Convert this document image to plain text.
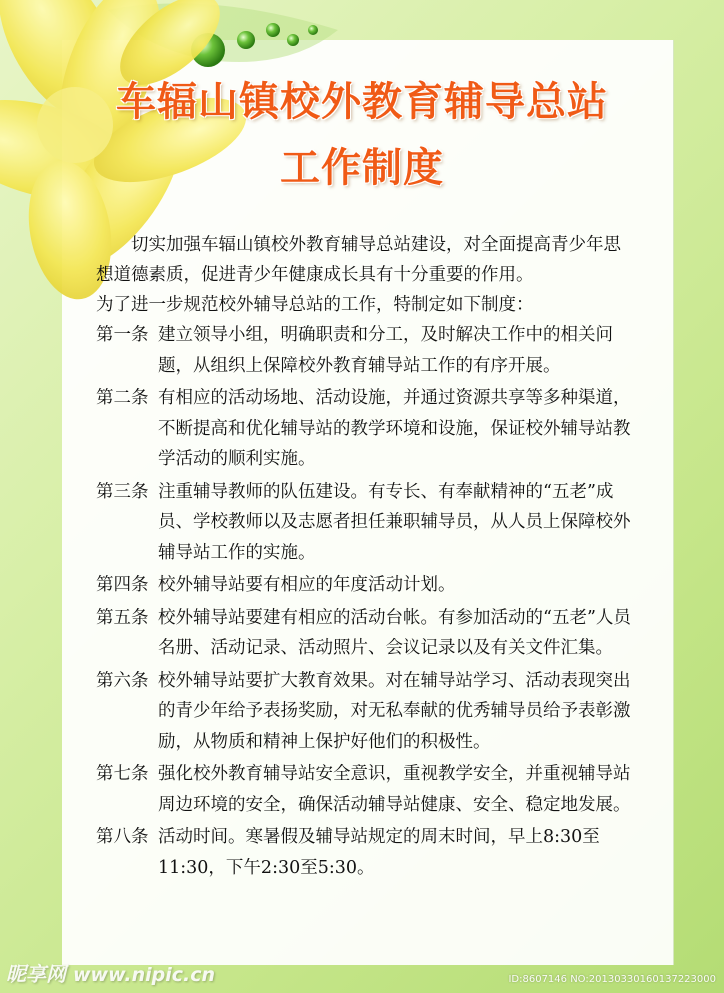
车辐山镇校外教育辅导总站
工作制度

切实加强车辐山镇校外教育辅导总站建设，对全面提高青少年思想道德素质，促进青少年健康成长具有十分重要的作用。

为了进一步规范校外辅导总站的工作，特制定如下制度：

第一条 建立领导小组，明确职责和分工，及时解决工作中的相关问题，从组织上保障校外教育辅导站工作的有序开展。
第二条 有相应的活动场地、活动设施，并通过资源共享等多种渠道，不断提高和优化辅导站的教学环境和设施，保证校外辅导站教学活动的顺利实施。
第三条 注重辅导教师的队伍建设。有专长、有奉献精神的“五老”成员、学校教师以及志愿者担任兼职辅导员，从人员上保障校外辅导站工作的实施。
第四条 校外辅导站要有相应的年度活动计划。
第五条 校外辅导站要建有相应的活动台帐。有参加活动的“五老”人员名册、活动记录、活动照片、会议记录以及有关文件汇集。
第六条 校外辅导站要扩大教育效果。对在辅导站学习、活动表现突出的青少年给予表扬奖励，对无私奉献的优秀辅导员给予表彰激励，从物质和精神上保护好他们的积极性。
第七条 强化校外教育辅导站安全意识，重视教学安全，并重视辅导站周边环境的安全，确保活动辅导站健康、安全、稳定地发展。
第八条 活动时间。寒暑假及辅导站规定的周末时间，早上8:30至11:30，下午2:30至5:30。
昵享网 www.nipic.cn	ID:8607146 NO:20130330160137223000
